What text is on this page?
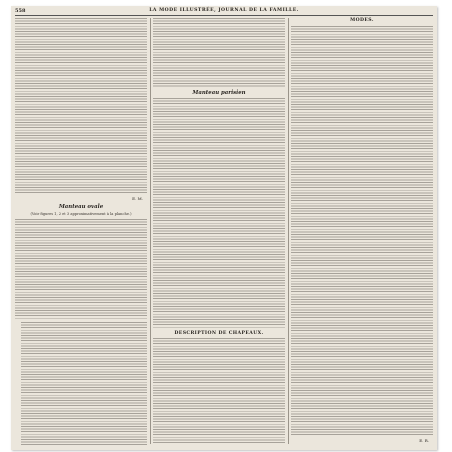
558	LA MODE ILLUSTRÉE, JOURNAL DE LA FAMILLE.
E. M.
Manteau ovale
(Voir figures 1, 2 et 3 approximativement à la planche.)
Manteau parisien
DESCRIPTION DE CHAPEAUX.
MODES.
E. R.
